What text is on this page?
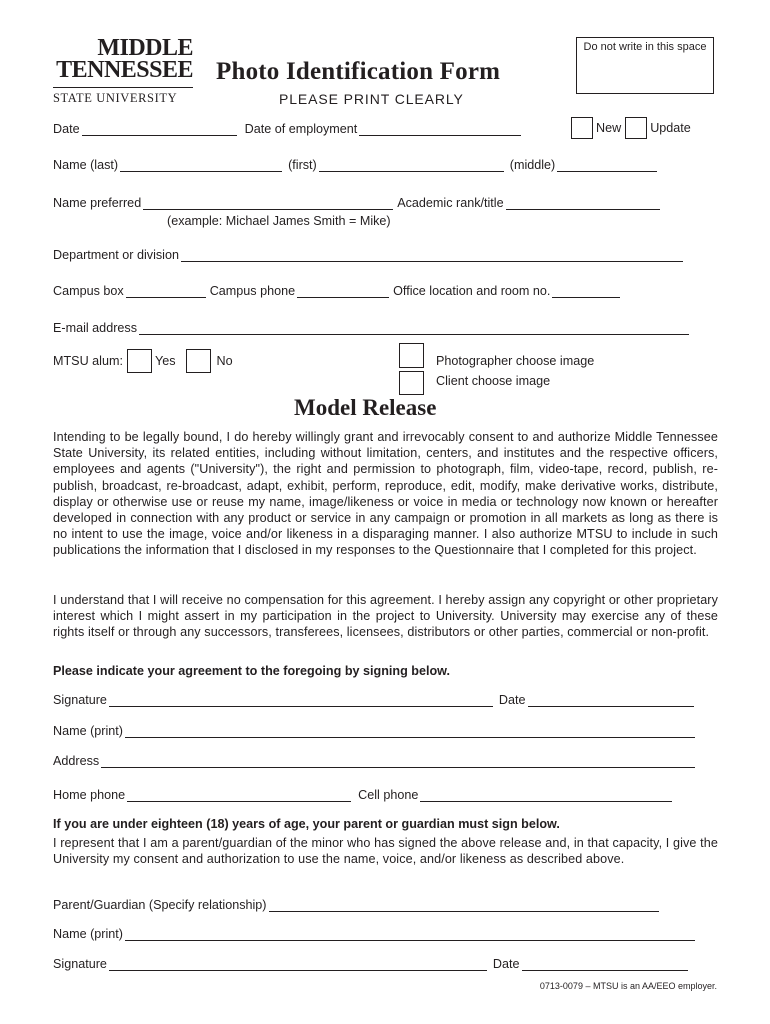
MIDDLE
TENNESSEE
STATE UNIVERSITY
Photo Identification Form
PLEASE PRINT CLEARLY
Do not write in this space
Date	Date of employment	New Update
Name (last)	(first)	(middle)
Name preferred	Academic rank/title
(example: Michael James Smith = Mike)
Department or division
Campus box	Campus phone	Office location and room no.
E-mail address
MTSU alum:	Yes	No	Photographer choose image
Client choose image
Model Release
Intending to be legally bound, I do hereby willingly grant and irrevocably consent to and authorize Middle Tennessee State University, its related entities, including without limitation, centers, and institutes and the respective officers, employees and agents ("University"), the right and permission to photograph, film, video-tape, record, publish, re-publish, broadcast, re-broadcast, adapt, exhibit, perform, reproduce, edit, modify, make derivative works, distribute, display or otherwise use or reuse my name, image/likeness or voice in media or technology now known or hereafter developed in connection with any product or service in any campaign or promotion in all markets as long as there is no intent to use the image, voice and/or likeness in a disparaging manner. I also authorize MTSU to include in such publications the information that I disclosed in my responses to the Questionnaire that I completed for this project.
I understand that I will receive no compensation for this agreement. I hereby assign any copyright or other proprietary interest which I might assert in my participation in the project to University. University may exercise any of these rights itself or through any successors, transferees, licensees, distributors or other parties, commercial or non-profit.
Please indicate your agreement to the foregoing by signing below.
Signature	Date
Name (print)
Address
Home phone	Cell phone
If you are under eighteen (18) years of age, your parent or guardian must sign below.
I represent that I am a parent/guardian of the minor who has signed the above release and, in that capacity, I give the University my consent and authorization to use the name, voice, and/or likeness as described above.
Parent/Guardian (Specify relationship)
Name (print)
Signature	Date
0713-0079 – MTSU is an AA/EEO employer.
